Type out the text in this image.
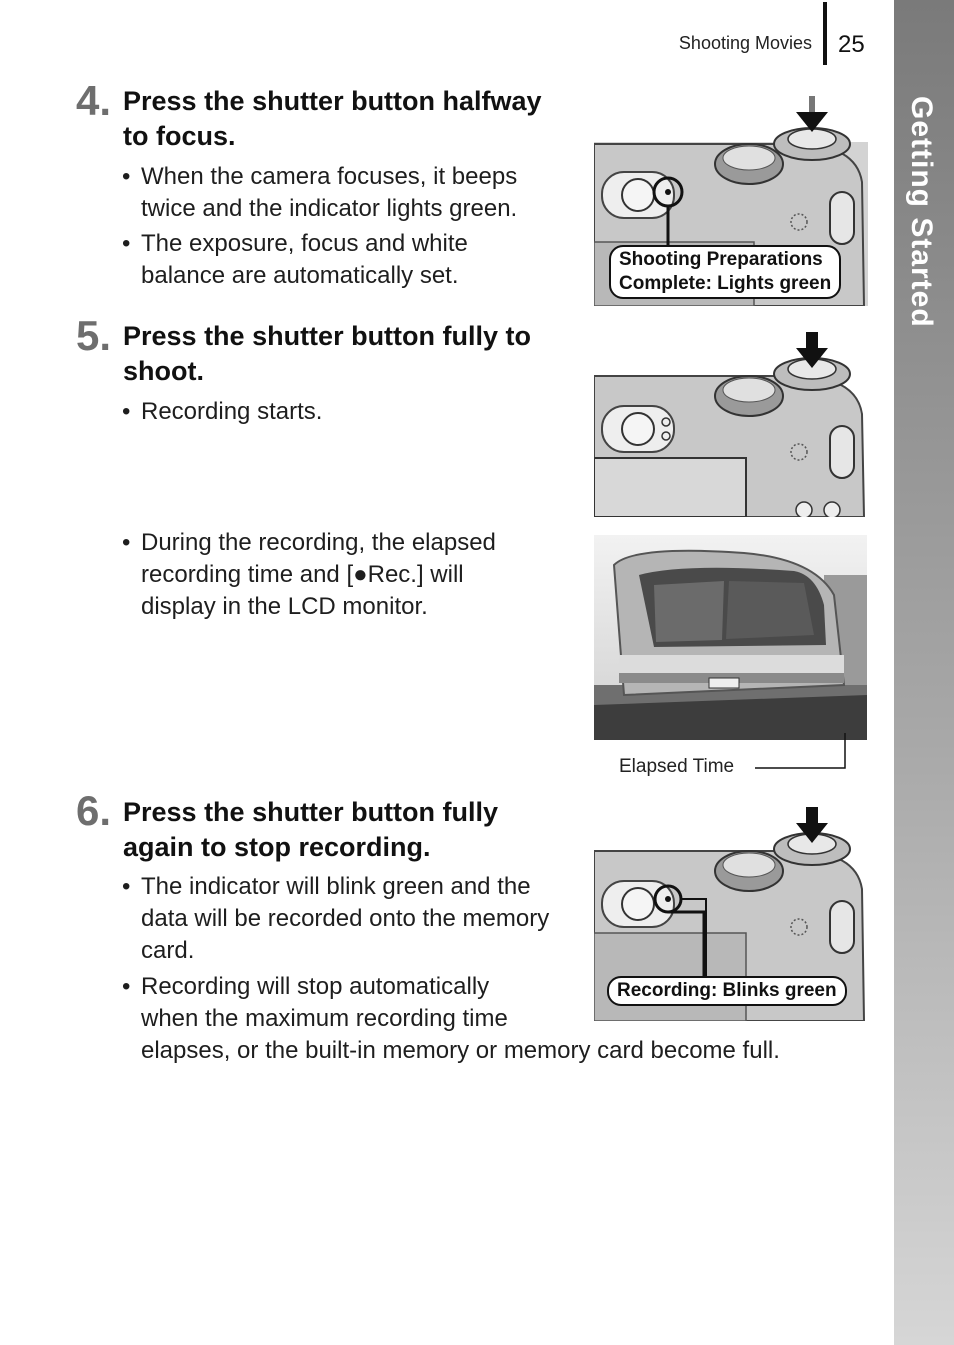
Getting Started
Shooting Movies 25
4. Press the shutter button halfway
to focus.
• When the camera focuses, it beeps
twice and the indicator lights green.
• The exposure, focus and white
balance are automatically set.
Shooting Preparations
Complete: Lights green
5. Press the shutter button fully to
shoot.
• Recording starts.
• During the recording, the elapsed
recording time and [●Rec.] will
display in the LCD monitor.
Elapsed Time
6. Press the shutter button fully
again to stop recording.
• The indicator will blink green and the
data will be recorded onto the memory
card.
• Recording will stop automatically
when the maximum recording time
elapses, or the built-in memory or memory card become full.
Recording: Blinks green
